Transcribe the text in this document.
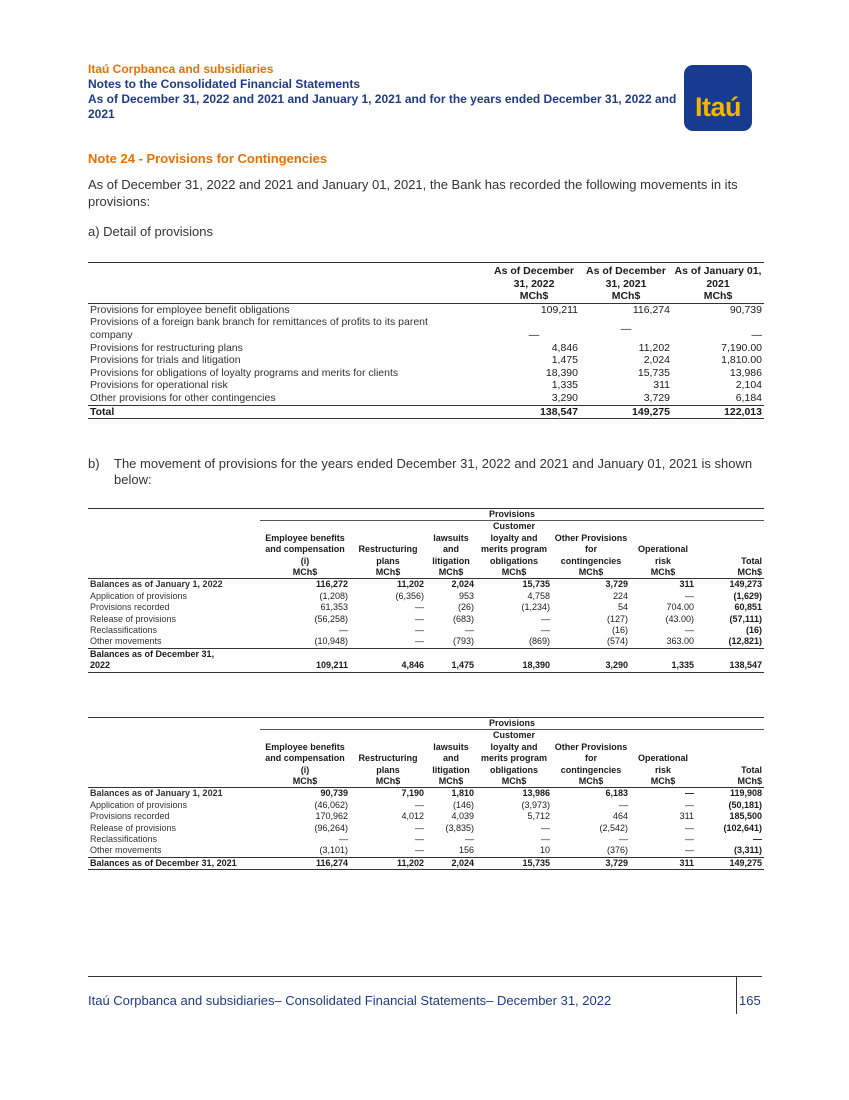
Itaú Corpbanca and subsidiaries
Notes to the Consolidated Financial Statements
As of December 31, 2022 and 2021 and January 1, 2021 and for the years ended December 31, 2022 and 2021	Itaú
Note 24 - Provisions for Contingencies
As of December 31, 2022 and 2021 and January 01, 2021, the Bank has recorded the following movements in its provisions:
a) Detail of provisions
	As of December 31, 2022	As of December 31, 2021	As of January 01, 2021
	MCh$	MCh$	MCh$
Provisions for employee benefit obligations	109,211	116,274	90,739
Provisions of a foreign bank branch for remittances of profits to its parent company	—	—	—
Provisions for restructuring plans	4,846	11,202	7,190.00
Provisions for trials and litigation	1,475	2,024	1,810.00
Provisions for obligations of loyalty programs and merits for clients	18,390	15,735	13,986
Provisions for operational risk	1,335	311	2,104
Other provisions for other contingencies	3,290	3,729	6,184
Total	138,547	149,275	122,013
b) The movement of provisions for the years ended December 31, 2022 and 2021 and January 01, 2021 is shown below:
	Provisions						
	Employee benefits and compensation (i)	Restructuring plans	lawsuits and litigation	Customer loyalty and merits program obligations	Other Provisions for contingencies	Operational risk	Total
	MCh$	MCh$	MCh$	MCh$	MCh$	MCh$	MCh$
Balances as of January 1, 2022	116,272	11,202	2,024	15,735	3,729	311	149,273
Application of provisions	(1,208)	(6,356)	953	4,758	224	—	(1,629)
Provisions recorded	61,353	—	(26)	(1,234)	54	704.00	60,851
Release of provisions	(56,258)	—	(683)	—	(127)	(43.00)	(57,111)
Reclassifications	—	—	—	—	(16)	—	(16)
Other movements	(10,948)	—	(793)	(869)	(574)	363.00	(12,821)
Balances as of December 31, 2022	109,211	4,846	1,475	18,390	3,290	1,335	138,547
	Provisions						
	Employee benefits and compensation (i)	Restructuring plans	lawsuits and litigation	Customer loyalty and merits program obligations	Other Provisions for contingencies	Operational risk	Total
	MCh$	MCh$	MCh$	MCh$	MCh$	MCh$	MCh$
Balances as of January 1, 2021	90,739	7,190	1,810	13,986	6,183	—	119,908
Application of provisions	(46,062)	—	(146)	(3,973)	—	—	(50,181)
Provisions recorded	170,962	4,012	4,039	5,712	464	311	185,500
Release of provisions	(96,264)	—	(3,835)	—	(2,542)	—	(102,641)
Reclassifications	—	—	—	—	—	—	—
Other movements	(3,101)	—	156	10	(376)	—	(3,311)
Balances as of December 31, 2021	116,274	11,202	2,024	15,735	3,729	311	149,275
Itaú Corpbanca and subsidiaries– Consolidated Financial Statements– December 31, 2022	165
